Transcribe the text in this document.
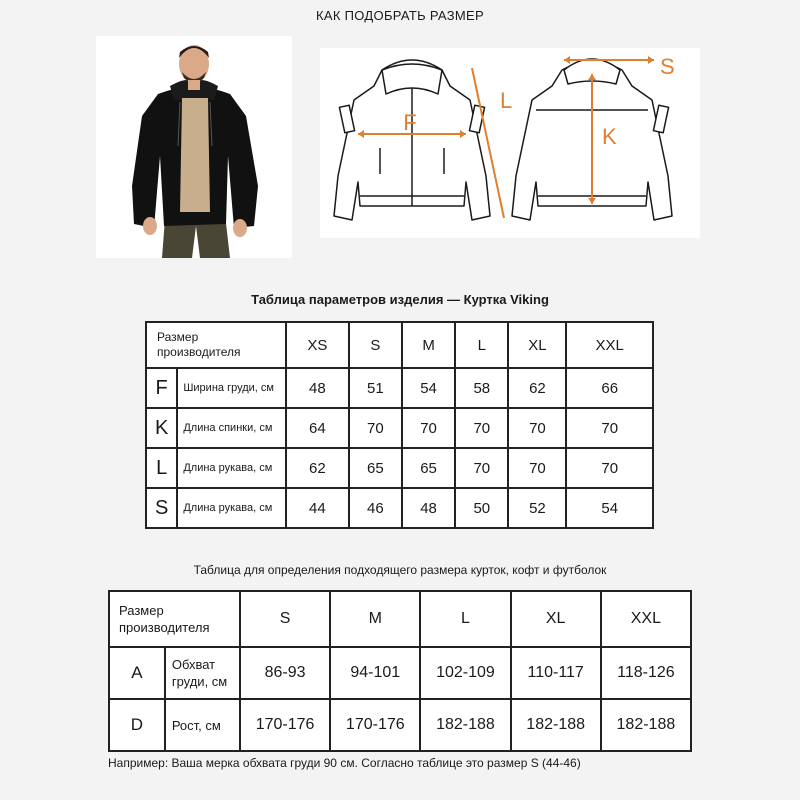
КАК ПОДОБРАТЬ РАЗМЕР
F
L
K
S
Таблица параметров изделия — Куртка Viking
Размер производителя		XS	S	M	L	XL	XXL
F	Ширина груди, см	48	51	54	58	62	66
K	Длина спинки, см	64	70	70	70	70	70
L	Длина рукава, см	62	65	65	70	70	70
S	Длина рукава, см	44	46	48	50	52	54
Таблица для определения подходящего размера курток, кофт и футболок
Размер производителя		S	M	L	XL	XXL
A	Обхват груди, см	86-93	94-101	102-109	110-117	118-126
D	Рост, см	170-176	170-176	182-188	182-188	182-188
Например: Ваша мерка обхвата груди 90 см. Согласно таблице это размер S (44-46)
